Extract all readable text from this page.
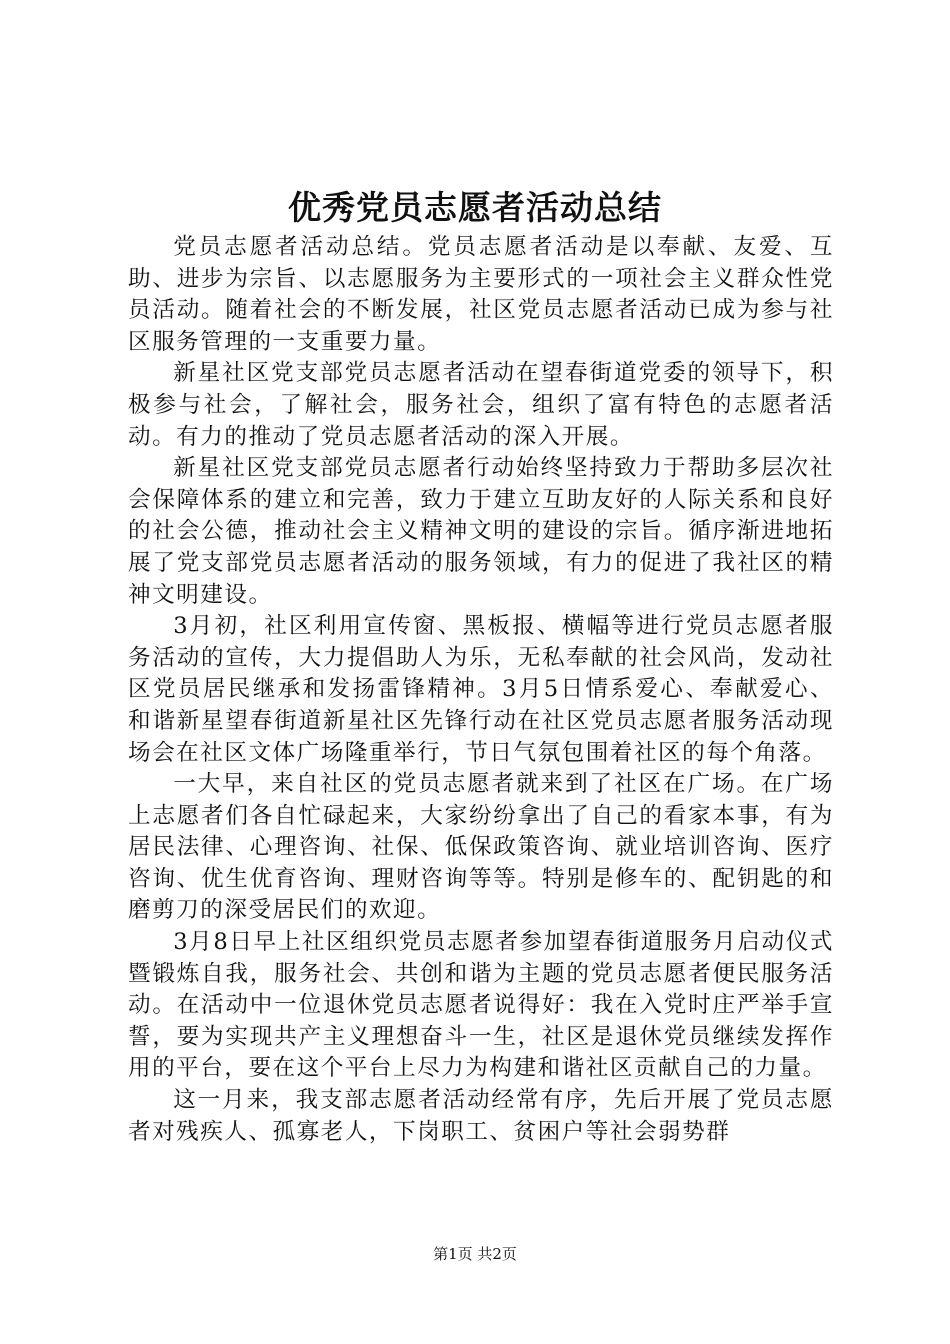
优秀党员志愿者活动总结

党员志愿者活动总结。党员志愿者活动是以奉献、友爱、互助、进步为宗旨、以志愿服务为主要形式的一项社会主义群众性党员活动。随着社会的不断发展，社区党员志愿者活动已成为参与社区服务管理的一支重要力量。

新星社区党支部党员志愿者活动在望春街道党委的领导下，积极参与社会，了解社会，服务社会，组织了富有特色的志愿者活动。有力的推动了党员志愿者活动的深入开展。

新星社区党支部党员志愿者行动始终坚持致力于帮助多层次社会保障体系的建立和完善，致力于建立互助友好的人际关系和良好的社会公德，推动社会主义精神文明的建设的宗旨。循序渐进地拓展了党支部党员志愿者活动的服务领域，有力的促进了我社区的精神文明建设。

3月初，社区利用宣传窗、黑板报、横幅等进行党员志愿者服务活动的宣传，大力提倡助人为乐，无私奉献的社会风尚，发动社区党员居民继承和发扬雷锋精神。3月5日情系爱心、奉献爱心、和谐新星望春街道新星社区先锋行动在社区党员志愿者服务活动现场会在社区文体广场隆重举行，节日气氛包围着社区的每个角落。

一大早，来自社区的党员志愿者就来到了社区在广场。在广场上志愿者们各自忙碌起来，大家纷纷拿出了自己的看家本事，有为居民法律、心理咨询、社保、低保政策咨询、就业培训咨询、医疗咨询、优生优育咨询、理财咨询等等。特别是修车的、配钥匙的和磨剪刀的深受居民们的欢迎。

3月8日早上社区组织党员志愿者参加望春街道服务月启动仪式暨锻炼自我，服务社会、共创和谐为主题的党员志愿者便民服务活动。在活动中一位退休党员志愿者说得好：我在入党时庄严举手宣誓，要为实现共产主义理想奋斗一生，社区是退休党员继续发挥作用的平台，要在这个平台上尽力为构建和谐社区贡献自己的力量。

这一月来，我支部志愿者活动经常有序，先后开展了党员志愿者对残疾人、孤寡老人，下岗职工、贫困户等社会弱势群

第1页 共2页
